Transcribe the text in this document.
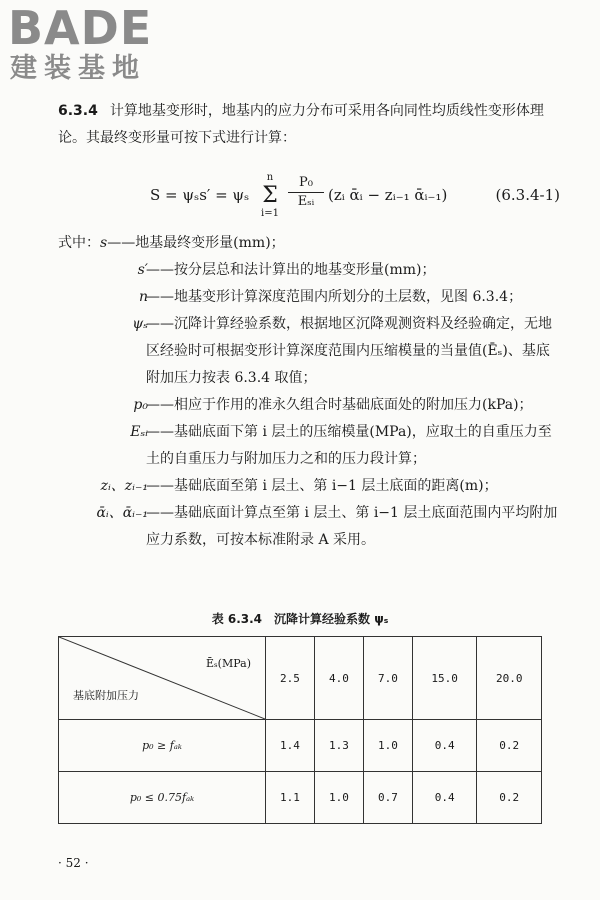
BADE
建装基地
6.3.4 计算地基变形时，地基内的应力分布可采用各向同性均质线性变形体理论。其最终变形量可按下式进行计算：
S = ψₛs′ = ψₛ
n
Σ
i=1
P₀
Eₛᵢ (zᵢ ᾱᵢ − zᵢ₋₁ ᾱᵢ₋₁)	(6.3.4-1)
式中：s——地基最终变形量(mm)；
s′
——按分层总和法计算出的地基变形量(mm)；
n
——地基变形计算深度范围内所划分的土层数，见图 6.3.4；
ψₛ
——沉降计算经验系数，根据地区沉降观测资料及经验确定，无地区经验时可根据变形计算深度范围内压缩模量的当量值(Ēₛ)、基底附加压力按表 6.3.4 取值；
p₀
——相应于作用的准永久组合时基础底面处的附加压力(kPa)；
Eₛᵢ
——基础底面下第 i 层土的压缩模量(MPa)，应取土的自重压力至土的自重压力与附加压力之和的压力段计算；
zᵢ、zᵢ₋₁
——基础底面至第 i 层土、第 i−1 层土底面的距离(m)；
ᾱᵢ、ᾱᵢ₋₁
——基础底面计算点至第 i 层土、第 i−1 层土底面范围内平均附加应力系数，可按本标准附录 A 采用。
表 6.3.4　沉降计算经验系数 ψₛ
Ēₛ(MPa)
基底附加压力	2.5	4.0	7.0	15.0	20.0
p₀ ≥ fₐₖ	1.4	1.3	1.0	0.4	0.2
p₀ ≤ 0.75fₐₖ	1.1	1.0	0.7	0.4	0.2
· 52 ·
